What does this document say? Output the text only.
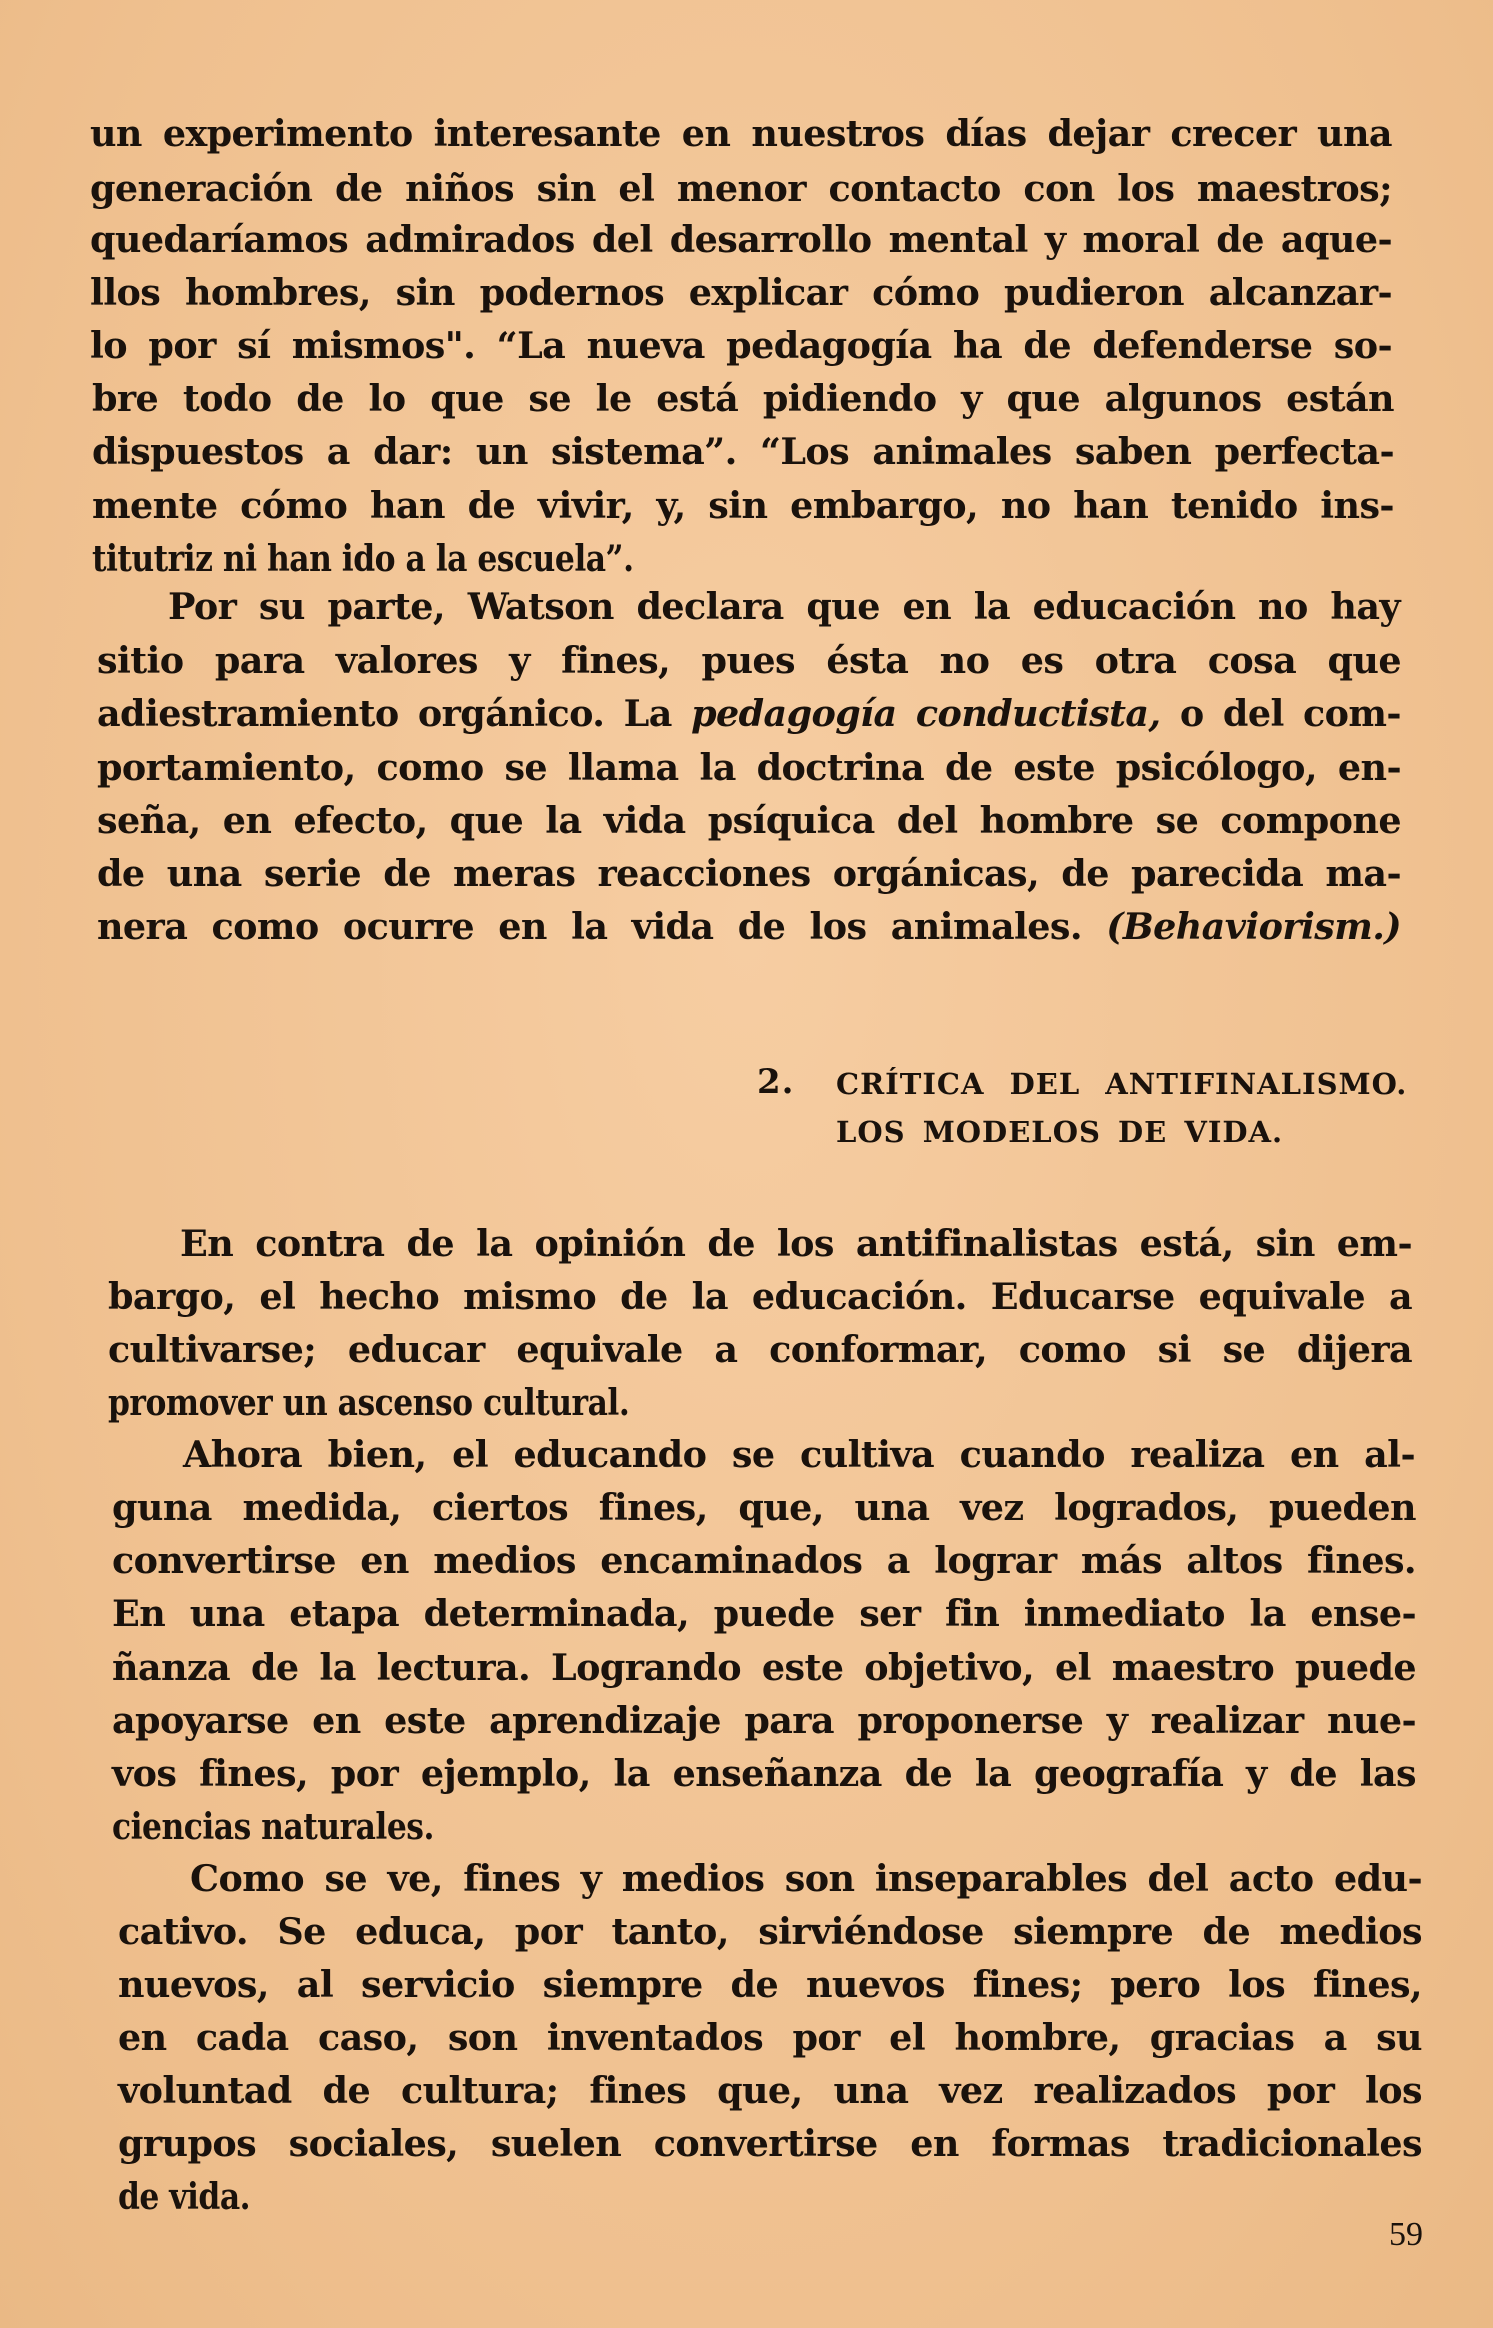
un experimento interesante en nuestros días dejar crecer una
generación de niños sin el menor contacto con los maestros;
quedaríamos admirados del desarrollo mental y moral de aque-
llos hombres, sin podernos explicar cómo pudieron alcanzar-
lo por sí mismos". “La nueva pedagogía ha de defenderse so-
bre todo de lo que se le está pidiendo y que algunos están
dispuestos a dar: un sistema”. “Los animales saben perfecta-
mente cómo han de vivir, y, sin embargo, no han tenido ins-
titutriz ni han ido a la escuela”.
Por su parte, Watson declara que en la educación no hay
sitio para valores y fines, pues ésta no es otra cosa que
adiestramiento orgánico. La pedagogía conductista, o del com-
portamiento, como se llama la doctrina de este psicólogo, en-
seña, en efecto, que la vida psíquica del hombre se compone
de una serie de meras reacciones orgánicas, de parecida ma-
nera como ocurre en la vida de los animales. (Behaviorism.)
2. CRÍTICA DEL ANTIFINALISMO.
LOS MODELOS DE VIDA.
En contra de la opinión de los antifinalistas está, sin em-
bargo, el hecho mismo de la educación. Educarse equivale a
cultivarse; educar equivale a conformar, como si se dijera
promover un ascenso cultural.
Ahora bien, el educando se cultiva cuando realiza en al-
guna medida, ciertos fines, que, una vez logrados, pueden
convertirse en medios encaminados a lograr más altos fines.
En una etapa determinada, puede ser fin inmediato la ense-
ñanza de la lectura. Logrando este objetivo, el maestro puede
apoyarse en este aprendizaje para proponerse y realizar nue-
vos fines, por ejemplo, la enseñanza de la geografía y de las
ciencias naturales.
Como se ve, fines y medios son inseparables del acto edu-
cativo. Se educa, por tanto, sirviéndose siempre de medios
nuevos, al servicio siempre de nuevos fines; pero los fines,
en cada caso, son inventados por el hombre, gracias a su
voluntad de cultura; fines que, una vez realizados por los
grupos sociales, suelen convertirse en formas tradicionales
de vida.
59
